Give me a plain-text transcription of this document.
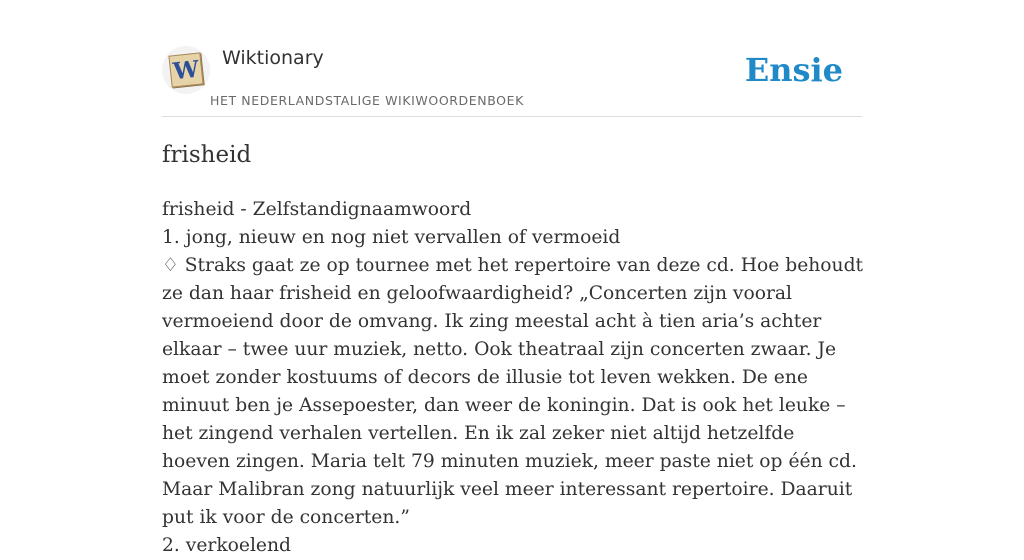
W Wiktionary
HET NEDERLANDSTALIGE WIKIWOORDENBOEK
Ensie
frisheid

frisheid - Zelfstandignaamwoord

1. jong, nieuw en nog niet vervallen of vermoeid

♢ Straks gaat ze op tournee met het repertoire van deze cd. Hoe behoudt ze dan haar frisheid en geloofwaardigheid? „Concerten zijn vooral vermoeiend door de omvang. Ik zing meestal acht à tien aria’s achter elkaar – twee uur muziek, netto. Ook theatraal zijn concerten zwaar. Je moet zonder kostuums of decors de illusie tot leven wekken. De ene minuut ben je Assepoester, dan weer de koningin. Dat is ook het leuke – het zingend verhalen vertellen. En ik zal zeker niet altijd hetzelfde hoeven zingen. Maria telt 79 minuten muziek, meer paste niet op één cd. Maar Malibran zong natuurlijk veel meer interessant repertoire. Daaruit put ik voor de concerten.”

2. verkoelend
